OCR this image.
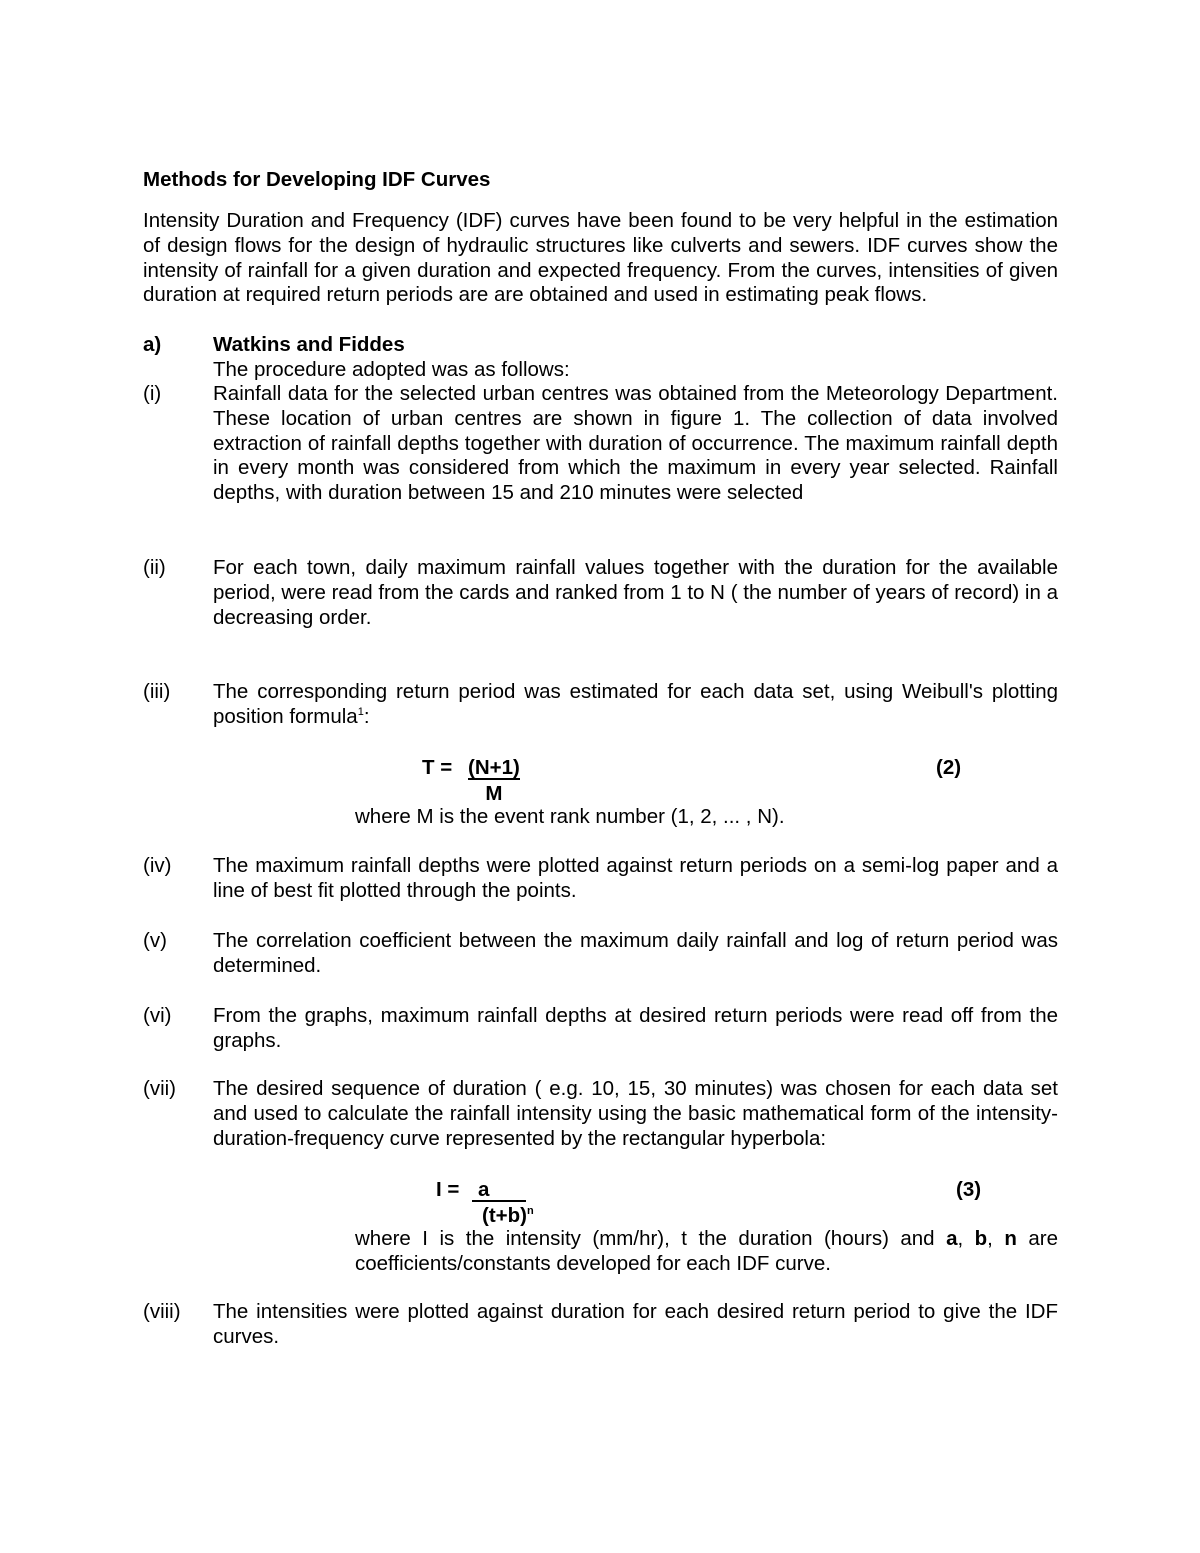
Methods for Developing IDF Curves
Intensity Duration and Frequency (IDF) curves have been found to be very helpful in the estimation of design flows for the design of hydraulic structures like culverts and sewers. IDF curves show the intensity of rainfall for a given duration and expected frequency. From the curves, intensities of given duration at required return periods are are obtained and used in estimating peak flows.
a)	Watkins and Fiddes
The procedure adopted was as follows:
(i)	Rainfall data for the selected urban centres was obtained from the Meteorology Department. These location of urban centres are shown in figure 1. The collection of data involved extraction of rainfall depths together with duration of occurrence. The maximum rainfall depth in every month was considered from which the maximum in every year selected. Rainfall depths, with duration between 15 and 210 minutes were selected
(ii) For each town, daily maximum rainfall values together with the duration for the available period, were read from the cards and ranked from 1 to N ( the number of years of record) in a decreasing order.
(iii) The corresponding return period was estimated for each data set, using Weibull's plotting position formula$^1$:
$T = \frac{(N+1)}{M}$	(2)
where M is the event rank number (1, 2, ... , N).
(iv) The maximum rainfall depths were plotted against return periods on a semi-log paper and a line of best fit plotted through the points.
(v) The correlation coefficient between the maximum daily rainfall and log of return period was determined.
(vi) From the graphs, maximum rainfall depths at desired return periods were read off from the graphs.
(vii) The desired sequence of duration ( e.g. 10, 15, 30 minutes) was chosen for each data set and used to calculate the rainfall intensity using the basic mathematical form of the intensity-duration-frequency curve represented by the rectangular hyperbola:
$I = \frac{a}{(t+b)^n}$	(3)
where I is the intensity (mm/hr), t the duration (hours) and a, b, n are coefficients/constants developed for each IDF curve.
(viii) The intensities were plotted against duration for each desired return period to give the IDF curves.
